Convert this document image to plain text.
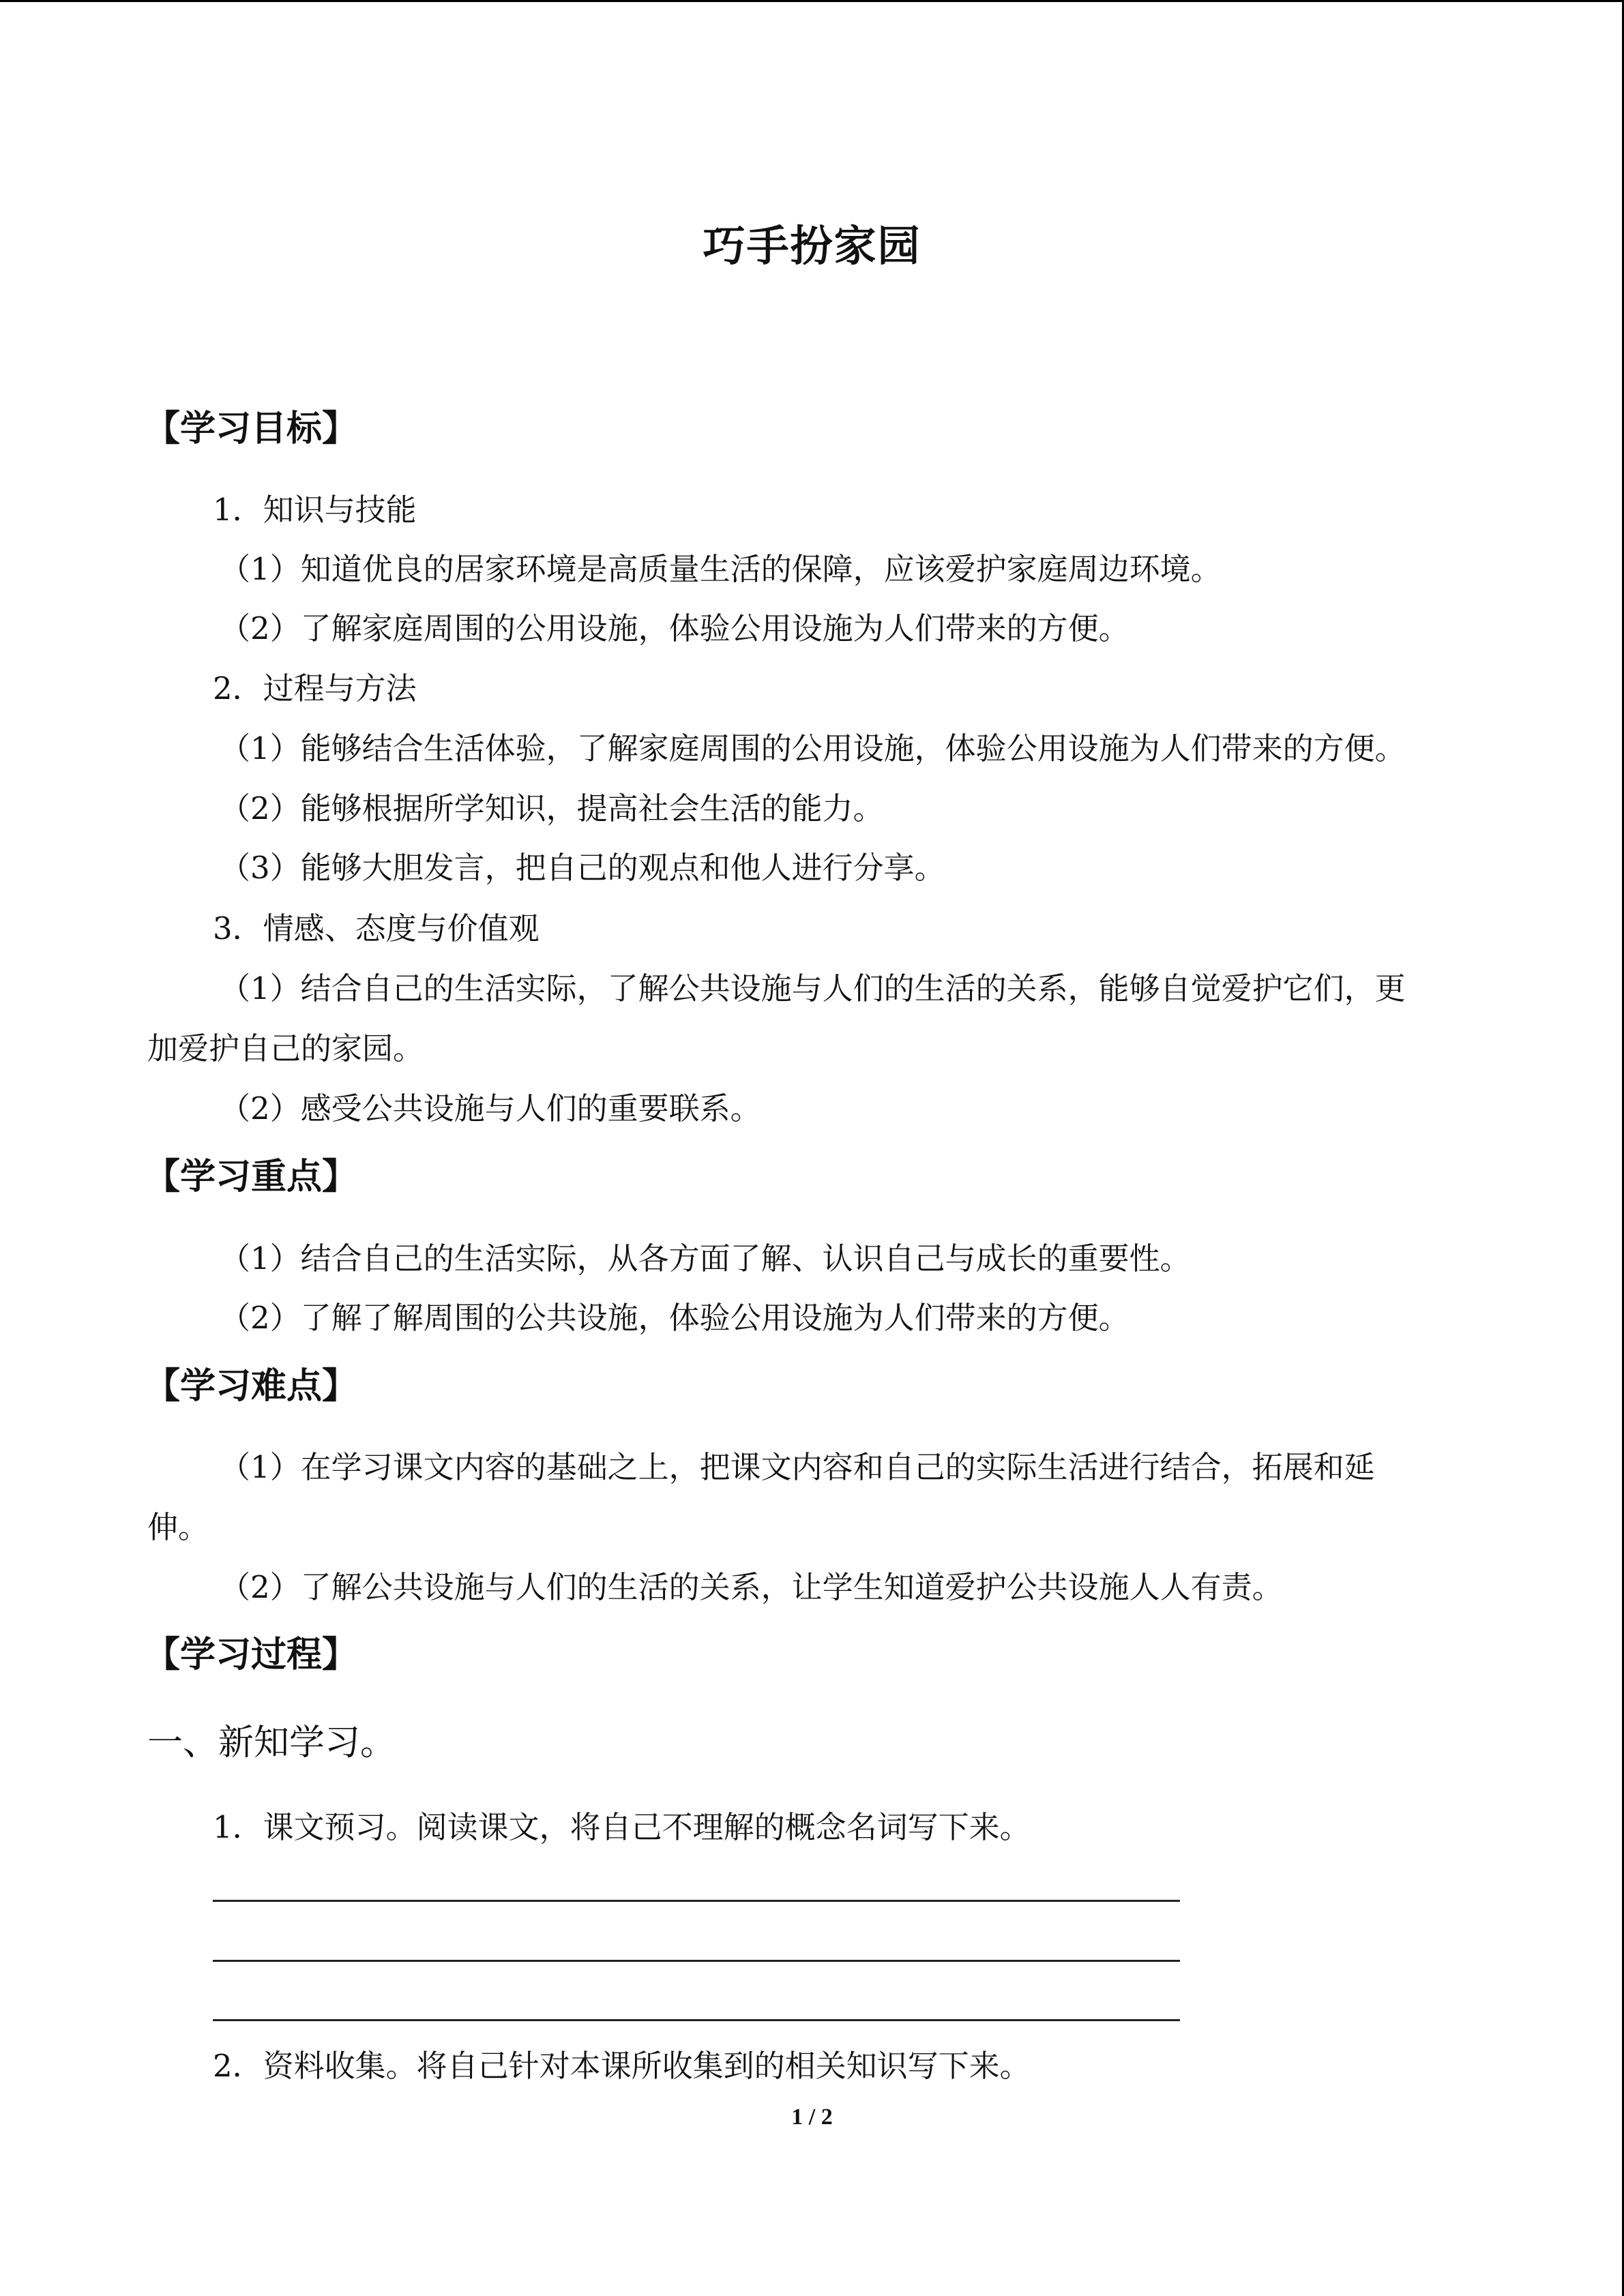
巧手扮家园
【学习目标】
1．知识与技能
（1）知道优良的居家环境是高质量生活的保障，应该爱护家庭周边环境。
（2）了解家庭周围的公用设施，体验公用设施为人们带来的方便。
2．过程与方法
（1）能够结合生活体验，了解家庭周围的公用设施，体验公用设施为人们带来的方便。
（2）能够根据所学知识，提高社会生活的能力。
（3）能够大胆发言，把自己的观点和他人进行分享。
3．情感、态度与价值观
（1）结合自己的生活实际，了解公共设施与人们的生活的关系，能够自觉爱护它们，更
加爱护自己的家园。
（2）感受公共设施与人们的重要联系。
【学习重点】
（1）结合自己的生活实际，从各方面了解、认识自己与成长的重要性。
（2）了解了解周围的公共设施，体验公用设施为人们带来的方便。
【学习难点】
（1）在学习课文内容的基础之上，把课文内容和自己的实际生活进行结合，拓展和延
伸。
（2）了解公共设施与人们的生活的关系，让学生知道爱护公共设施人人有责。
【学习过程】
一、新知学习。
1．课文预习。阅读课文，将自己不理解的概念名词写下来。
2．资料收集。将自己针对本课所收集到的相关知识写下来。
1 / 2
